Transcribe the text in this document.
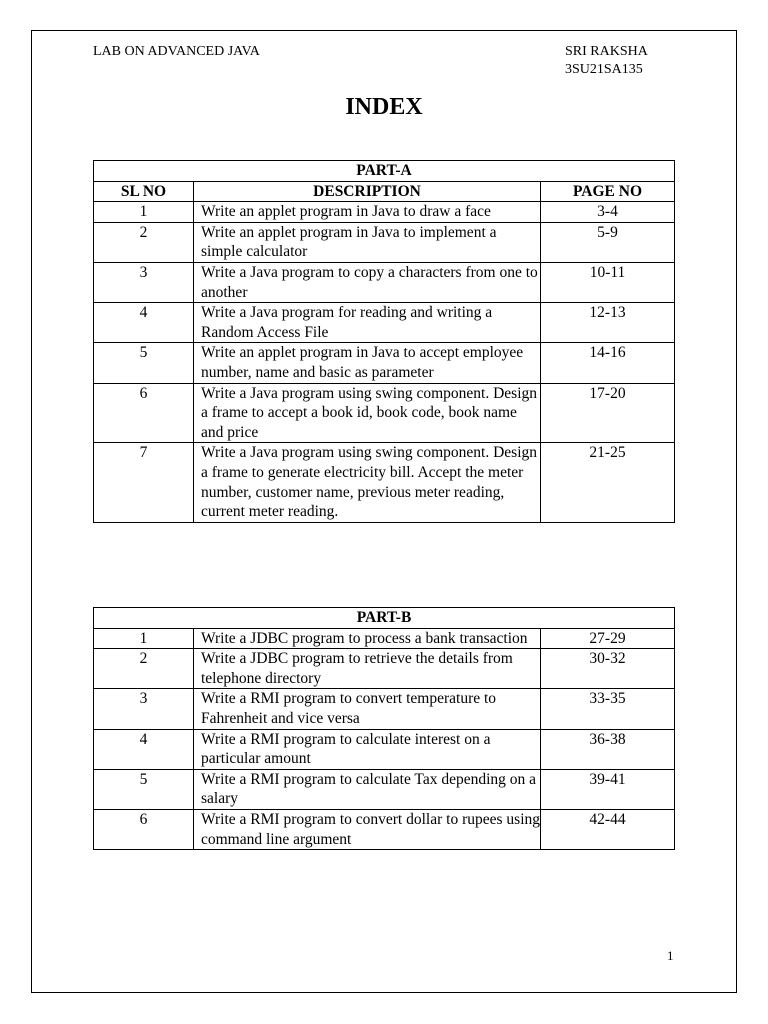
LAB ON ADVANCED JAVA	SRI RAKSHA
3SU21SA135
INDEX
PART-A		
SL NO	DESCRIPTION	PAGE NO
1	Write an applet program in Java to draw a face	3-4
2	Write an applet program in Java to implement a simple calculator	5-9
3	Write a Java program to copy a characters from one to another	10-11
4	Write a Java program for reading and writing a Random Access File	12-13
5	Write an applet program in Java to accept employee number, name and basic as parameter	14-16
6	Write a Java program using swing component. Design a frame to accept a book id, book code, book name and price	17-20
7	Write a Java program using swing component. Design a frame to generate electricity bill. Accept the meter number, customer name, previous meter reading, current meter reading.	21-25
PART-B		
1	Write a JDBC program to process a bank transaction	27-29
2	Write a JDBC program to retrieve the details from telephone directory	30-32
3	Write a RMI program to convert temperature to Fahrenheit and vice versa	33-35
4	Write a RMI program to calculate interest on a particular amount	36-38
5	Write a RMI program to calculate Tax depending on a salary	39-41
6	Write a RMI program to convert dollar to rupees using command line argument	42-44
1
